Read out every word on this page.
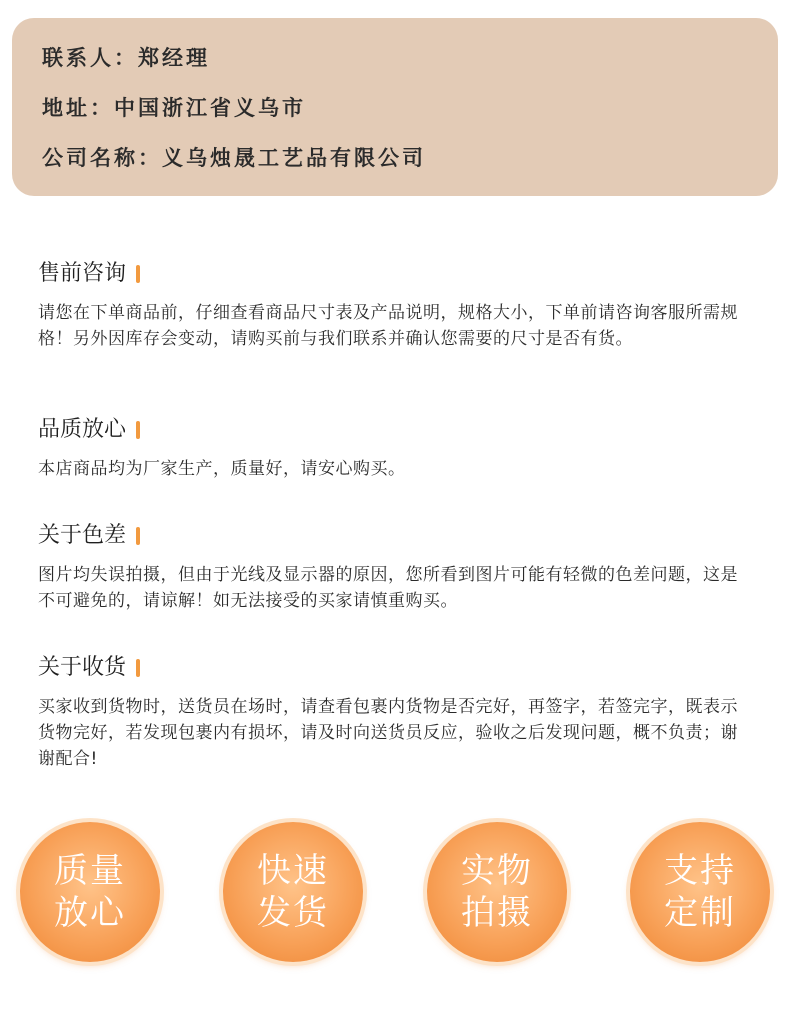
联系人：郑经理
地址：中国浙江省义乌市
公司名称：义乌烛晟工艺品有限公司
售前咨询
请您在下单商品前，仔细查看商品尺寸表及产品说明，规格大小，下单前请咨询客服所需规格！另外因库存会变动，请购买前与我们联系并确认您需要的尺寸是否有货。
品质放心
本店商品均为厂家生产，质量好，请安心购买。
关于色差
图片均失误拍摄，但由于光线及显示器的原因，您所看到图片可能有轻微的色差问题，这是不可避免的，请谅解！如无法接受的买家请慎重购买。
关于收货
买家收到货物时，送货员在场时，请查看包裹内货物是否完好，再签字，若签完字，既表示货物完好，若发现包裹内有损坏，请及时向送货员反应，验收之后发现问题，概不负责；谢谢配合!
质量放心
快速发货
实物拍摄
支持定制
